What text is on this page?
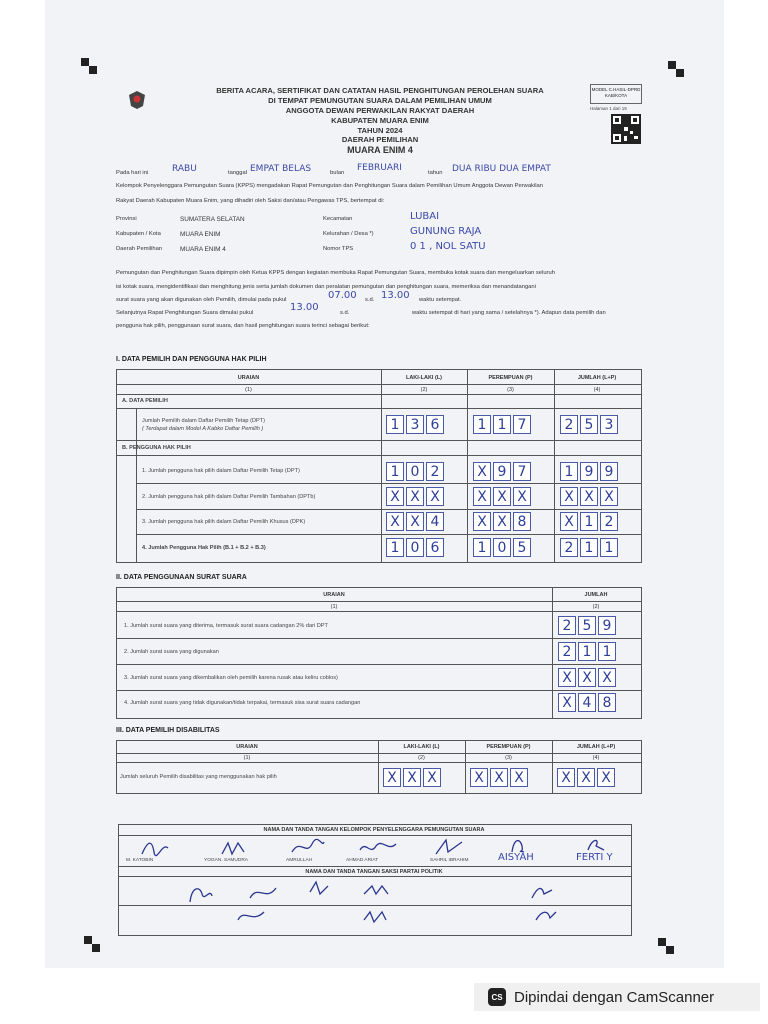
BERITA ACARA, SERTIFIKAT DAN CATATAN HASIL PENGHITUNGAN PEROLEHAN SUARA
DI TEMPAT PEMUNGUTAN SUARA DALAM PEMILIHAN UMUM
ANGGOTA DEWAN PERWAKILAN RAKYAT DAERAH
KABUPATEN MUARA ENIM
TAHUN 2024
DAERAH PEMILIHAN
MUARA ENIM 4
MODEL C.HASIL-DPRD KAB/KOTA
Halaman 1 dari 19
Pada hari ini	RABU	tanggal EMPAT BELAS	bulan FEBRUARI	tahun DUA RIBU DUA EMPAT
Kelompok Penyelenggara Pemungutan Suara (KPPS) mengadakan Rapat Pemungutan dan Penghitungan Suara dalam Pemilihan Umum Anggota Dewan Perwakilan
Rakyat Daerah Kabupaten Muara Enim, yang dihadiri oleh Saksi dan/atau Pengawas TPS, bertempat di:
Provinsi	SUMATERA SELATAN
Kabupaten / Kota	MUARA ENIM
Daerah Pemilihan	MUARA ENIM 4
Kecamatan	LUBAI
Kelurahan / Desa *)	GUNUNG RAJA
Nomor TPS	0 1 , NOL SATU
Pemungutan dan Penghitungan Suara dipimpin oleh Ketua KPPS dengan kegiatan membuka Rapat Pemungutan Suara, membuka kotak suara dan mengeluarkan seluruh
isi kotak suara, mengidentifikasi dan menghitung jenis serta jumlah dokumen dan peralatan pemungutan dan penghitungan suara, memeriksa dan menandatangani
surat suara yang akan digunakan oleh Pemilih, dimulai pada pukul	07.00 s.d. 13.00 waktu setempat.
Selanjutnya Rapat Penghitungan Suara dimulai pukul	13.00	s.d.	waktu setempat di hari yang sama / setelahnya *). Adapun data pemilih dan
pengguna hak pilih, penggunaan surat suara, dan hasil penghitungan suara terinci sebagai berikut:
I. DATA PEMILIH DAN PENGGUNA HAK PILIH
URAIAN	LAKI-LAKI (L)	PEREMPUAN (P)	JUMLAH (L+P)
(1)	(2)	(3)	(4)
A. DATA PEMILIH
Jumlah Pemilih dalam Daftar Pemilih Tetap (DPT)
( Terdapat dalam Model A Kabko Daftar Pemilih )	1 3 6	1 1 7	2 5 3
B. PENGGUNA HAK PILIH
1. Jumlah pengguna hak pilih dalam Daftar Pemilih Tetap (DPT)	1 0 2	X 9 7	1 9 9
2. Jumlah pengguna hak pilih dalam Daftar Pemilih Tambahan (DPTb)	X X X	X X X	X X X
3. Jumlah pengguna hak pilih dalam Daftar Pemilih Khusus (DPK)	X X 4	X X 8	X 1 2
4. Jumlah Pengguna Hak Pilih (B.1 + B.2 + B.3)	1 0 6	1 0 5	2 1 1
II. DATA PENGGUNAAN SURAT SUARA
URAIAN	JUMLAH
(1)	(2)
1. Jumlah surat suara yang diterima, termasuk surat suara cadangan 2% dari DPT	2 5 9
2. Jumlah surat suara yang digunakan	2 1 1
3. Jumlah surat suara yang dikembalikan oleh pemilih karena rusak atau keliru coblos)	X X X
4. Jumlah surat suara yang tidak digunakan/tidak terpakai, termasuk sisa surat suara cadangan	X 4 8
III. DATA PEMILIH DISABILITAS
URAIAN	LAKI-LAKI (L)	PEREMPUAN (P)	JUMLAH (L+P)
(1)	(2)	(3)	(4)
Jumlah seluruh Pemilih disabilitas yang menggunakan hak pilih	X X X	X X X	X X X
NAMA DAN TANDA TANGAN KELOMPOK PENYELENGGARA PEMUNGUTAN SUARA
NAMA DAN TANDA TANGAN SAKSI PARTAI POLITIK
M. KATOBIN	YOGAN. SAMUDRA	AMRULLAH	AHMAD ARIAT	SAHRIL IBRAHIM	AISYAH	FERTI Y
CS Dipindai dengan CamScanner
